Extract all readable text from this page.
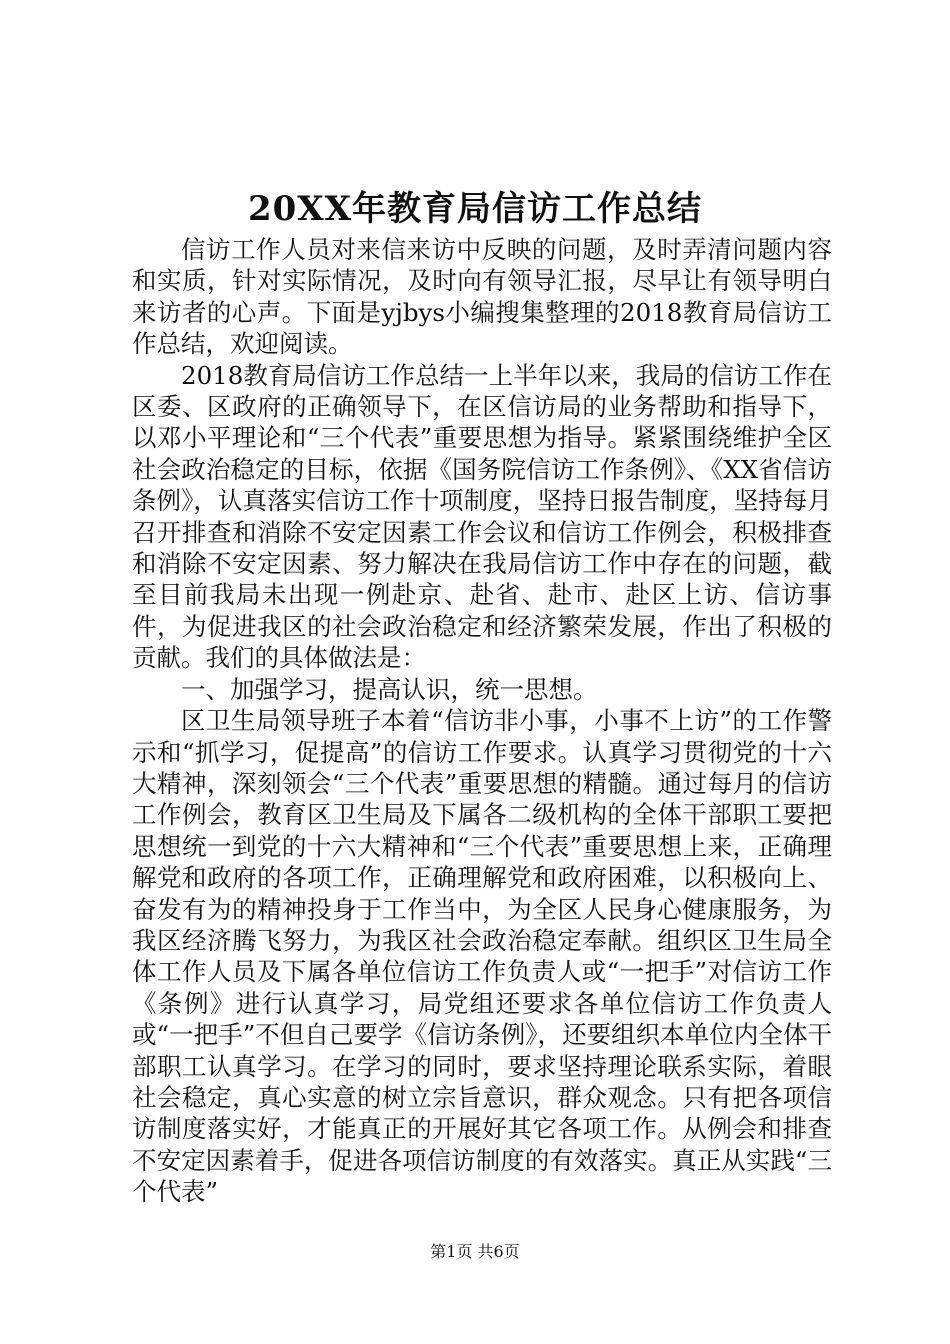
20XX年教育局信访工作总结

信访工作人员对来信来访中反映的问题，及时弄清问题内容和实质，针对实际情况，及时向有领导汇报，尽早让有领导明白来访者的心声。下面是yjbys小编搜集整理的2018教育局信访工作总结，欢迎阅读。

2018教育局信访工作总结一上半年以来，我局的信访工作在区委、区政府的正确领导下，在区信访局的业务帮助和指导下，以邓小平理论和“三个代表”重要思想为指导。紧紧围绕维护全区社会政治稳定的目标，依据《国务院信访工作条例》、《XX省信访条例》，认真落实信访工作十项制度，坚持日报告制度，坚持每月召开排查和消除不安定因素工作会议和信访工作例会，积极排查和消除不安定因素、努力解决在我局信访工作中存在的问题，截至目前我局未出现一例赴京、赴省、赴市、赴区上访、信访事件，为促进我区的社会政治稳定和经济繁荣发展，作出了积极的贡献。我们的具体做法是：

一、加强学习，提高认识，统一思想。

区卫生局领导班子本着“信访非小事，小事不上访”的工作警示和“抓学习，促提高”的信访工作要求。认真学习贯彻党的十六大精神，深刻领会“三个代表”重要思想的精髓。通过每月的信访工作例会，教育区卫生局及下属各二级机构的全体干部职工要把思想统一到党的十六大精神和“三个代表”重要思想上来，正确理解党和政府的各项工作，正确理解党和政府困难，以积极向上、奋发有为的精神投身于工作当中，为全区人民身心健康服务，为我区经济腾飞努力，为我区社会政治稳定奉献。组织区卫生局全体工作人员及下属各单位信访工作负责人或“一把手”对信访工作《条例》进行认真学习，局党组还要求各单位信访工作负责人或“一把手”不但自己要学《信访条例》，还要组织本单位内全体干部职工认真学习。在学习的同时，要求坚持理论联系实际，着眼社会稳定，真心实意的树立宗旨意识，群众观念。只有把各项信访制度落实好，才能真正的开展好其它各项工作。从例会和排查不安定因素着手，促进各项信访制度的有效落实。真正从实践“三个代表”

第1页 共6页
